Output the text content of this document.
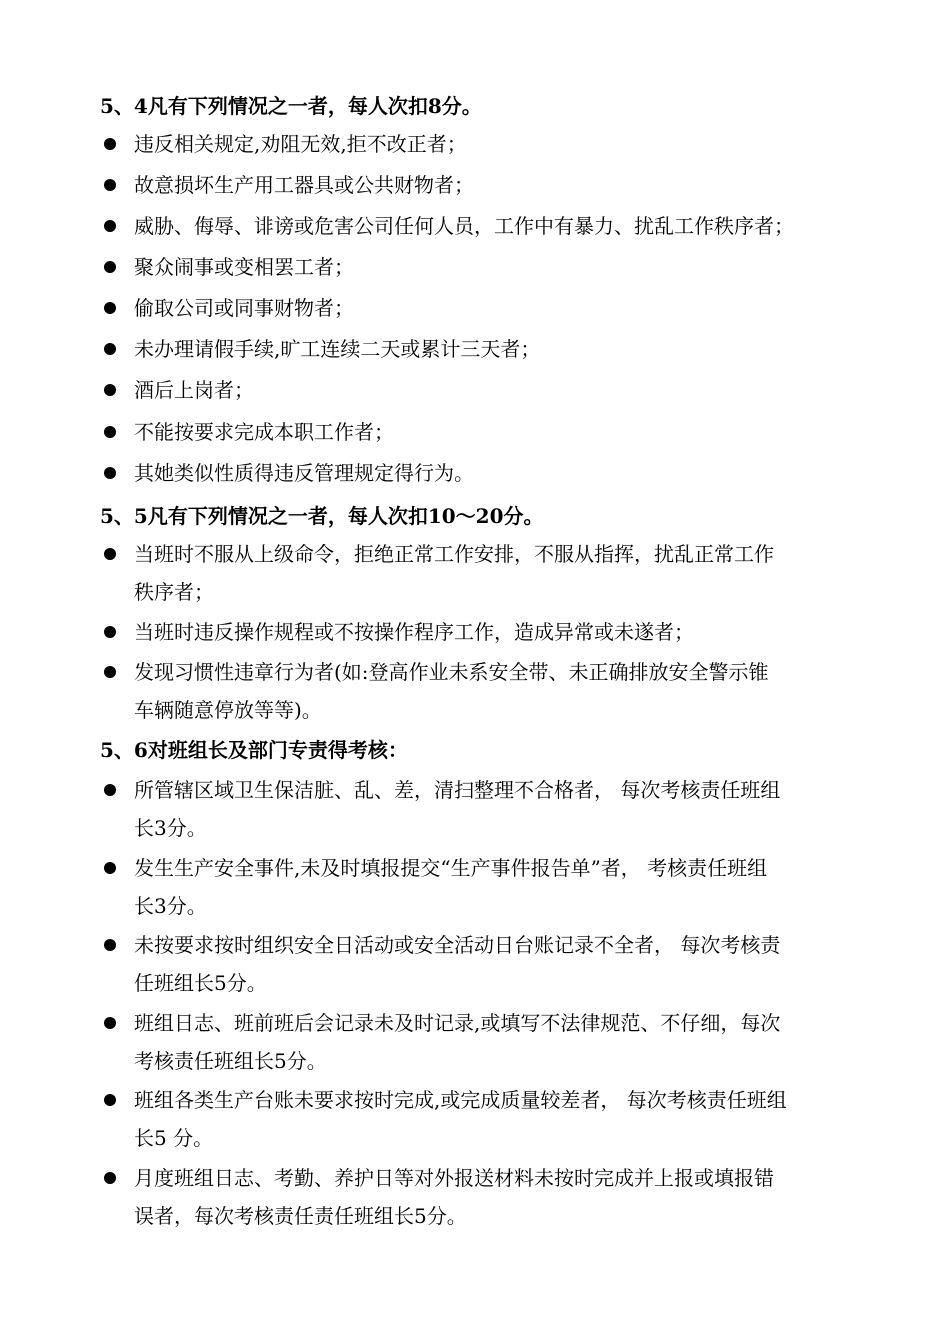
5、4凡有下列情况之一者，每人次扣8分。
违反相关规定,劝阻无效,拒不改正者；
故意损坏生产用工器具或公共财物者；
威胁、侮辱、诽谤或危害公司任何人员，工作中有暴力、扰乱工作秩序者；
聚众闹事或变相罢工者；
偷取公司或同事财物者；
未办理请假手续,旷工连续二天或累计三天者；
酒后上岗者；
不能按要求完成本职工作者；
其她类似性质得违反管理规定得行为。
5、5凡有下列情况之一者，每人次扣10～20分。
当班时不服从上级命令，拒绝正常工作安排，不服从指挥，扰乱正常工作
秩序者；
当班时违反操作规程或不按操作程序工作，造成异常或未遂者；
发现习惯性违章行为者(如:登高作业未系安全带、未正确排放安全警示锥
车辆随意停放等等)。
5、6对班组长及部门专责得考核：
所管辖区域卫生保洁脏、乱、差，清扫整理不合格者， 每次考核责任班组
长3分。
发生生产安全事件,未及时填报提交“生产事件报告单”者， 考核责任班组
长3分。
未按要求按时组织安全日活动或安全活动日台账记录不全者， 每次考核责
任班组长5分。
班组日志、班前班后会记录未及时记录,或填写不法律规范、不仔细，每次
考核责任班组长5分。
班组各类生产台账未要求按时完成,或完成质量较差者， 每次考核责任班组
长5 分。
月度班组日志、考勤、养护日等对外报送材料未按时完成并上报或填报错
误者，每次考核责任责任班组长5分。
